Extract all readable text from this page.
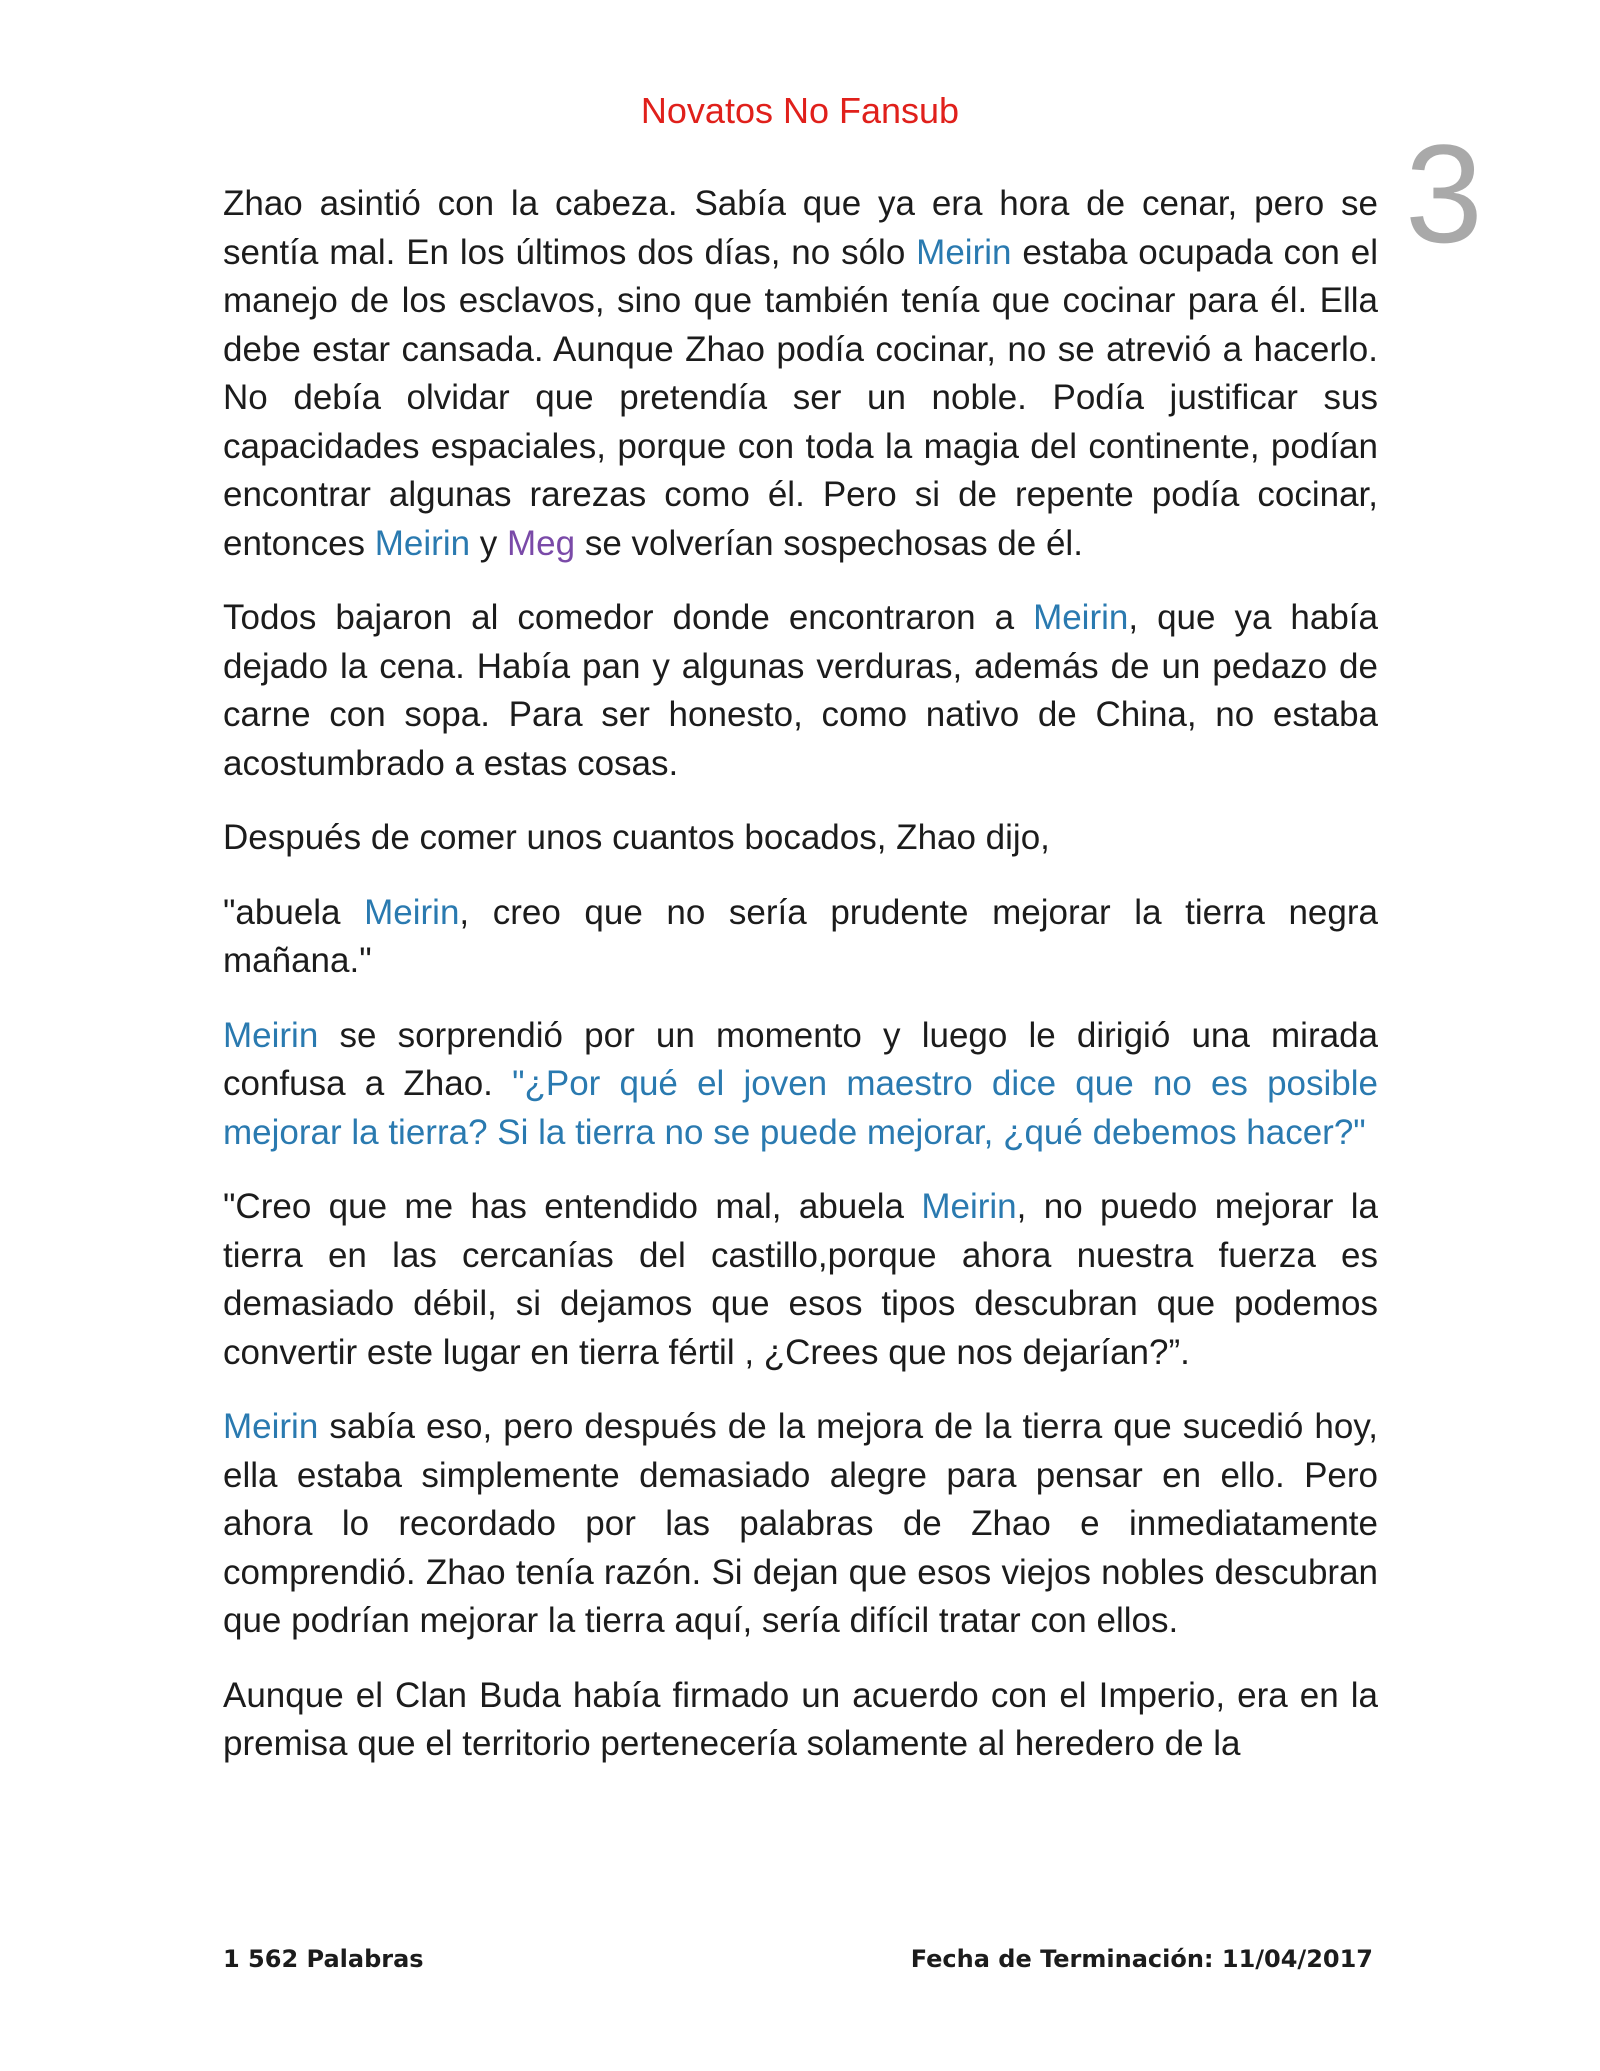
Novatos No Fansub
3

Zhao asintió con la cabeza. Sabía que ya era hora de cenar, pero se sentía mal. En los últimos dos días, no sólo Meirin estaba ocupada con el manejo de los esclavos, sino que también tenía que cocinar para él. Ella debe estar cansada. Aunque Zhao podía cocinar, no se atrevió a hacerlo. No debía olvidar que pretendía ser un noble. Podía justificar sus capacidades espaciales, porque con toda la magia del continente, podían encontrar algunas rarezas como él. Pero si de repente podía cocinar, entonces Meirin y Meg se volverían sospechosas de él.

Todos bajaron al comedor donde encontraron a Meirin, que ya había dejado la cena. Había pan y algunas verduras, además de un pedazo de carne con sopa. Para ser honesto, como nativo de China, no estaba acostumbrado a estas cosas.

Después de comer unos cuantos bocados, Zhao dijo,

"abuela Meirin, creo que no sería prudente mejorar la tierra negra mañana."

Meirin se sorprendió por un momento y luego le dirigió una mirada confusa a Zhao. "¿Por qué el joven maestro dice que no es posible mejorar la tierra? Si la tierra no se puede mejorar, ¿qué debemos hacer?"

"Creo que me has entendido mal, abuela Meirin, no puedo mejorar la tierra en las cercanías del castillo,porque ahora nuestra fuerza es demasiado débil, si dejamos que esos tipos descubran que podemos convertir este lugar en tierra fértil , ¿Crees que nos dejarían?”.

Meirin sabía eso, pero después de la mejora de la tierra que sucedió hoy, ella estaba simplemente demasiado alegre para pensar en ello. Pero ahora lo recordado por las palabras de Zhao e inmediatamente comprendió. Zhao tenía razón. Si dejan que esos viejos nobles descubran que podrían mejorar la tierra aquí, sería difícil tratar con ellos.

Aunque el Clan Buda había firmado un acuerdo con el Imperio, era en la premisa que el territorio pertenecería solamente al heredero de la

1 562 Palabras	Fecha de Terminación: 11/04/2017
